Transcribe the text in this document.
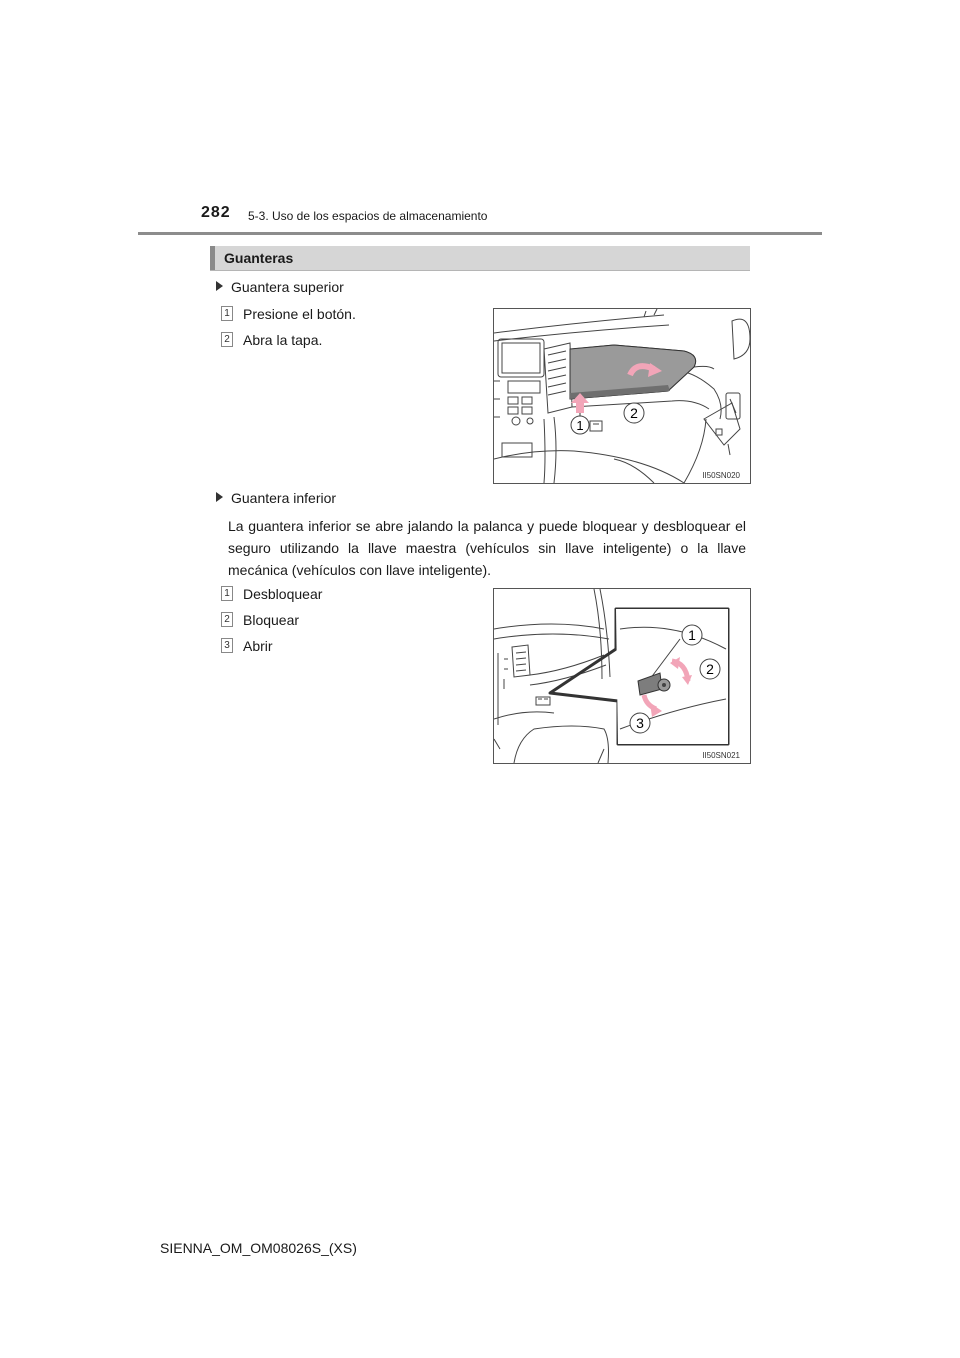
282 5-3. Uso de los espacios de almacenamiento
Guanteras
Guantera superior
1 Presione el botón.
2 Abra la tapa.
1
2
II50SN020
Guantera inferior
La guantera inferior se abre jalando la palanca y puede bloquear y desbloquear el seguro utilizando la llave maestra (vehículos sin llave inteligente) o la llave mecánica (vehículos con llave inteligente).
1 Desbloquear
2 Bloquear
3 Abrir
1
2
3
II50SN021
SIENNA_OM_OM08026S_(XS)
